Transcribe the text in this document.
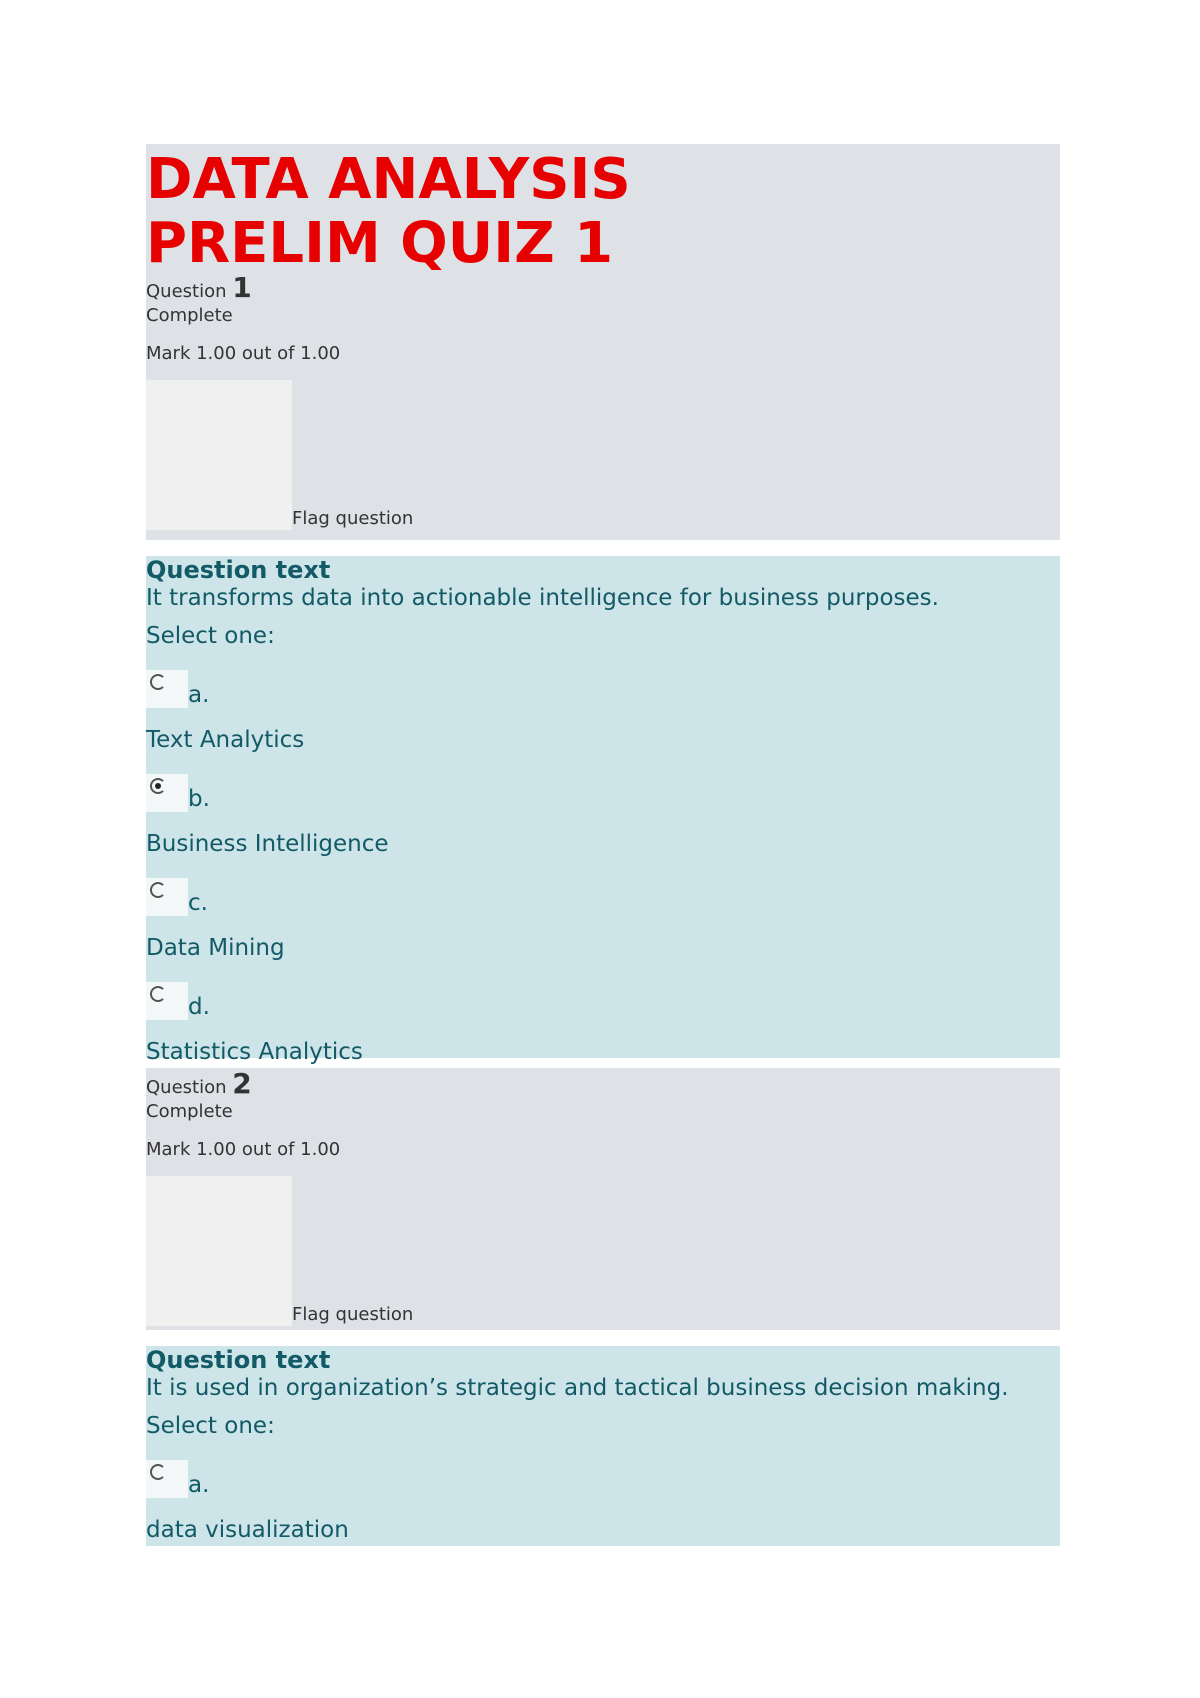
DATA ANALYSIS
PRELIM QUIZ 1
Question 1
Complete
Mark 1.00 out of 1.00
Flag question
Question text
It transforms data into actionable intelligence for business purposes.
Select one:
a.
Text Analytics
b.
Business Intelligence
c.
Data Mining
d.
Statistics Analytics
Question 2
Complete
Mark 1.00 out of 1.00
Flag question
Question text
It is used in organization’s strategic and tactical business decision making.
Select one:
a.
data visualization
